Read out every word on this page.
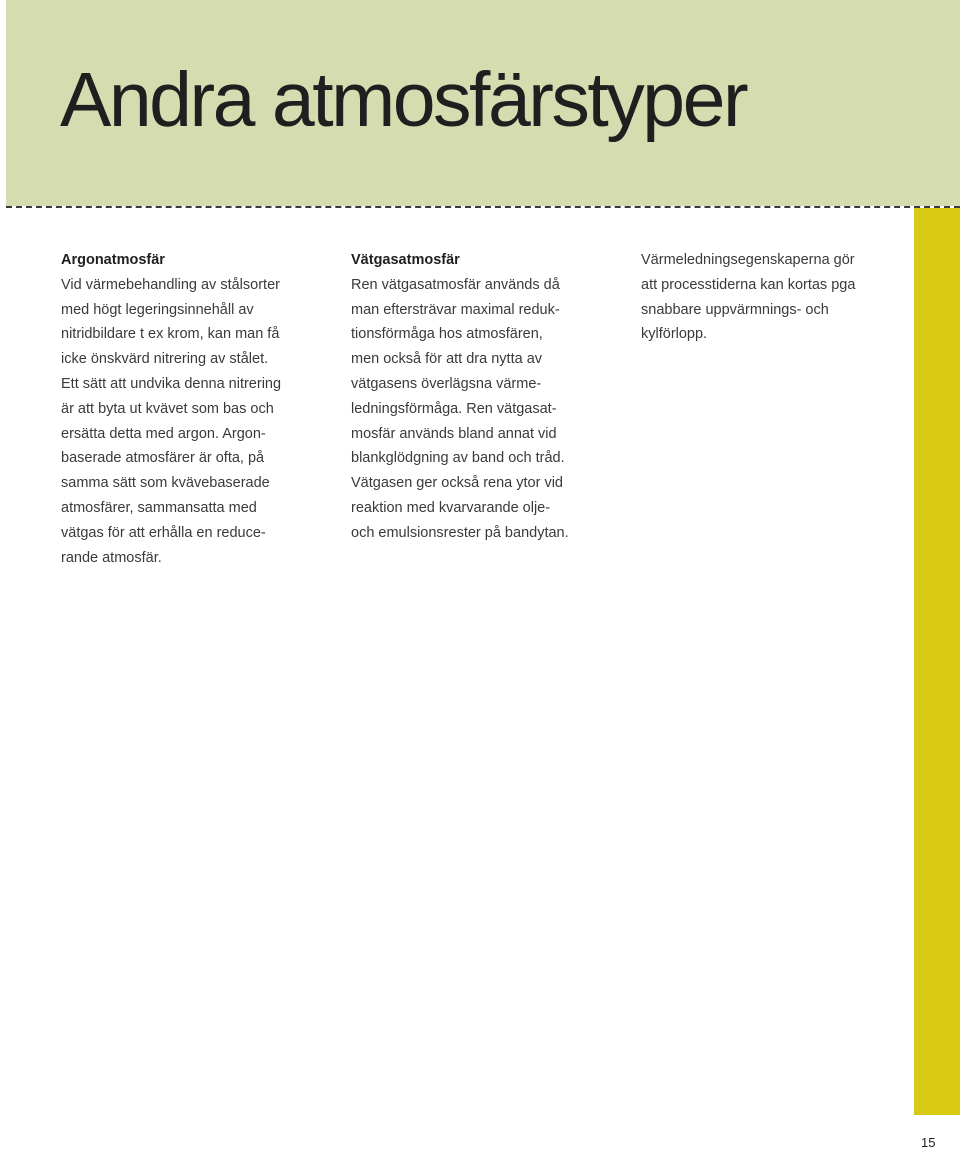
Andra atmosfärstyper
Argonatmosfär
Vid värmebehandling av stålsorter
med högt legeringsinnehåll av
nitridbildare t ex krom, kan man få
icke önskvärd nitrering av stålet.
Ett sätt att undvika denna nitrering
är att byta ut kvävet som bas och
ersätta detta med argon. Argon-
baserade atmosfärer är ofta, på
samma sätt som kvävebaserade
atmosfärer, sammansatta med
vätgas för att erhålla en reduce-
rande atmosfär.
Vätgasatmosfär
Ren vätgasatmosfär används då
man eftersträvar maximal reduk-
tionsförmåga hos atmosfären,
men också för att dra nytta av
vätgasens överlägsna värme-
ledningsförmåga. Ren vätgasat-
mosfär används bland annat vid
blankglödgning av band och tråd.
Vätgasen ger också rena ytor vid
reaktion med kvarvarande olje-
och emulsionsrester på bandytan.
Värmeledningsegenskaperna gör
att processtiderna kan kortas pga
snabbare uppvärmnings- och
kylförlopp.
15
